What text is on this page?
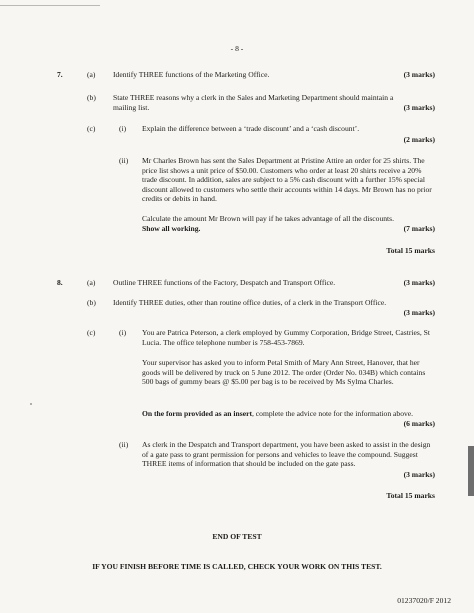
- 8 -
7.	(a) Identify THREE functions of the Marketing Office.	(3 marks)
(b) State THREE reasons why a clerk in the Sales and Marketing Department should maintain a mailing list.	(3 marks)
(c)	(i) Explain the difference between a ‘trade discount’ and a ‘cash discount’.
(2 marks)
(ii) Mr Charles Brown has sent the Sales Department at Pristine Attire an order for 25 shirts. The price list shows a unit price of $50.00. Customers who order at least 20 shirts receive a 20% trade discount. In addition, sales are subject to a 5% cash discount with a further 15% special discount allowed to customers who settle their accounts within 14 days. Mr Brown has no prior credits or debits in hand.
Calculate the amount Mr Brown will pay if he takes advantage of all the discounts.
Show all working.	(7 marks)
Total 15 marks
8.	(a) Outline THREE functions of the Factory, Despatch and Transport Office.	(3 marks)
(b) Identify THREE duties, other than routine office duties, of a clerk in the Transport Office.
(3 marks)
(c)	(i) You are Patrica Peterson, a clerk employed by Gummy Corporation, Bridge Street, Castries, St Lucia. The office telephone number is 758-453-7869.
Your supervisor has asked you to inform Petal Smith of Mary Ann Street, Hanover, that her goods will be delivered by truck on 5 June 2012. The order (Order No. 034B) which contains 500 bags of gummy bears @ $5.00 per bag is to be received by Ms Sylma Charles.
On the form provided as an insert, complete the advice note for the information above.
(6 marks)
(ii) As clerk in the Despatch and Transport department, you have been asked to assist in the design of a gate pass to grant permission for persons and vehicles to leave the compound. Suggest THREE items of information that should be included on the gate pass.
(3 marks)
Total 15 marks
END OF TEST
IF YOU FINISH BEFORE TIME IS CALLED, CHECK YOUR WORK ON THIS TEST.
01237020/F 2012
